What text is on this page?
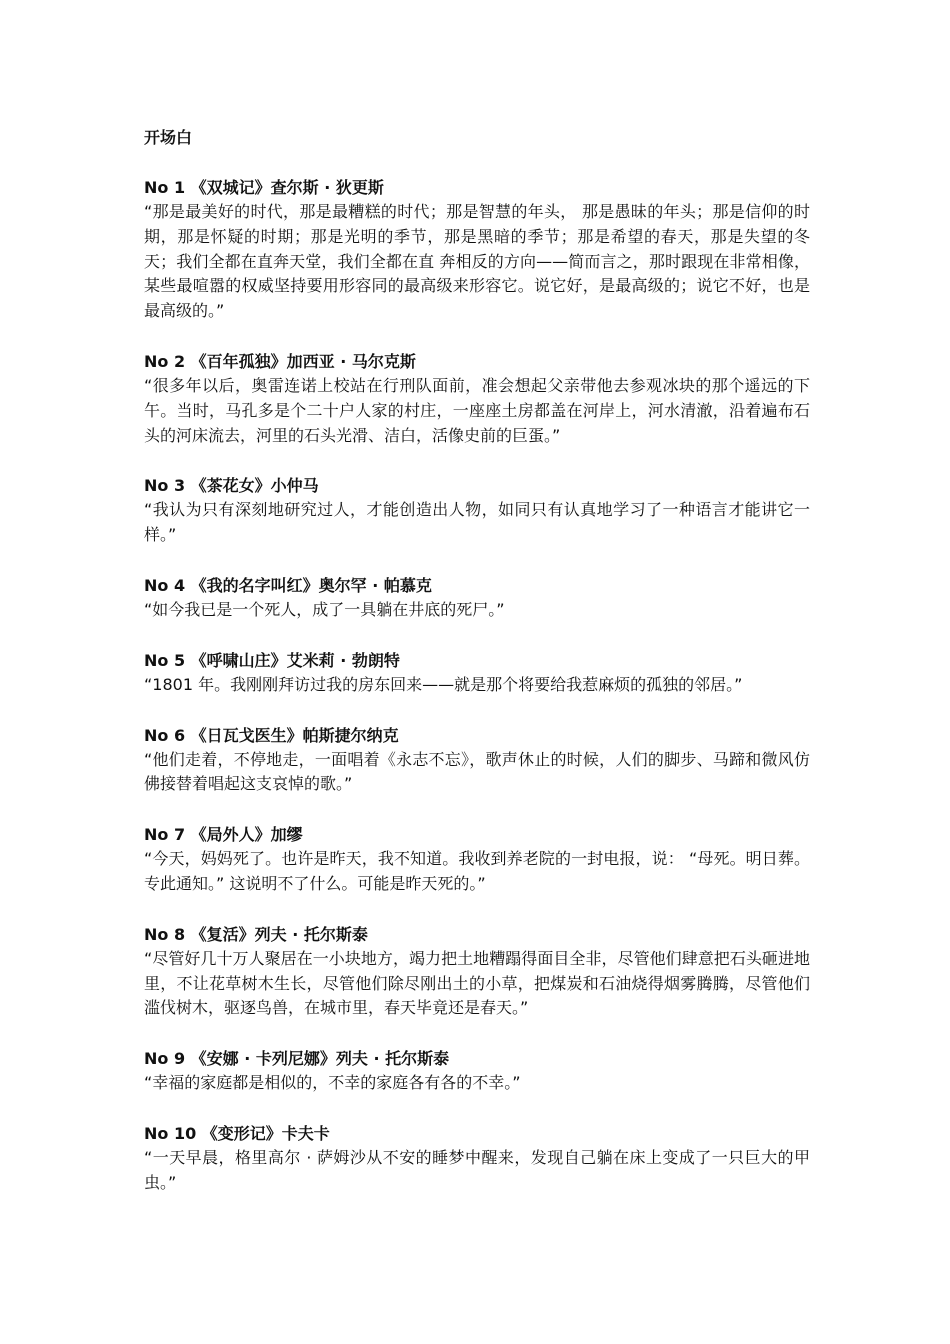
开场白

No 1 《双城记》查尔斯 · 狄更斯

“那是最美好的时代，那是最糟糕的时代；那是智慧的年头， 那是愚昧的年头；那是信仰的时期，那是怀疑的时期；那是光明的季节，那是黑暗的季节；那是希望的春天，那是失望的冬天；我们全都在直奔天堂，我们全都在直 奔相反的方向——简而言之，那时跟现在非常相像，某些最喧嚣的权威坚持要用形容同的最高级来形容它。说它好，是最高级的；说它不好，也是最高级的。”

No 2 《百年孤独》加西亚 · 马尔克斯

“很多年以后，奥雷连诺上校站在行刑队面前，准会想起父亲带他去参观冰块的那个遥远的下午。当时，马孔多是个二十户人家的村庄，一座座土房都盖在河岸上，河水清澈，沿着遍布石头的河床流去，河里的石头光滑、洁白，活像史前的巨蛋。”

No 3 《茶花女》小仲马

“我认为只有深刻地研究过人，才能创造出人物，如同只有认真地学习了一种语言才能讲它一样。”

No 4 《我的名字叫红》奥尔罕 · 帕慕克

“如今我已是一个死人，成了一具躺在井底的死尸。”

No 5 《呼啸山庄》艾米莉 · 勃朗特

“1801 年。我刚刚拜访过我的房东回来——就是那个将要给我惹麻烦的孤独的邻居。”

No 6 《日瓦戈医生》帕斯捷尔纳克

“他们走着，不停地走，一面唱着《永志不忘》，歌声休止的时候，人们的脚步、马蹄和微风仿佛接替着唱起这支哀悼的歌。”

No 7 《局外人》加缪

“今天，妈妈死了。也许是昨天，我不知道。我收到养老院的一封电报，说： “母死。明日葬。专此通知。” 这说明不了什么。可能是昨天死的。”

No 8 《复活》列夫 · 托尔斯泰

“尽管好几十万人聚居在一小块地方，竭力把土地糟蹋得面目全非，尽管他们肆意把石头砸进地里，不让花草树木生长，尽管他们除尽刚出土的小草，把煤炭和石油烧得烟雾腾腾，尽管他们滥伐树木，驱逐鸟兽，在城市里，春天毕竟还是春天。”

No 9 《安娜 · 卡列尼娜》列夫 · 托尔斯泰

“幸福的家庭都是相似的，不幸的家庭各有各的不幸。”

No 10 《变形记》卡夫卡

“一天早晨，格里高尔 · 萨姆沙从不安的睡梦中醒来，发现自己躺在床上变成了一只巨大的甲虫。”
